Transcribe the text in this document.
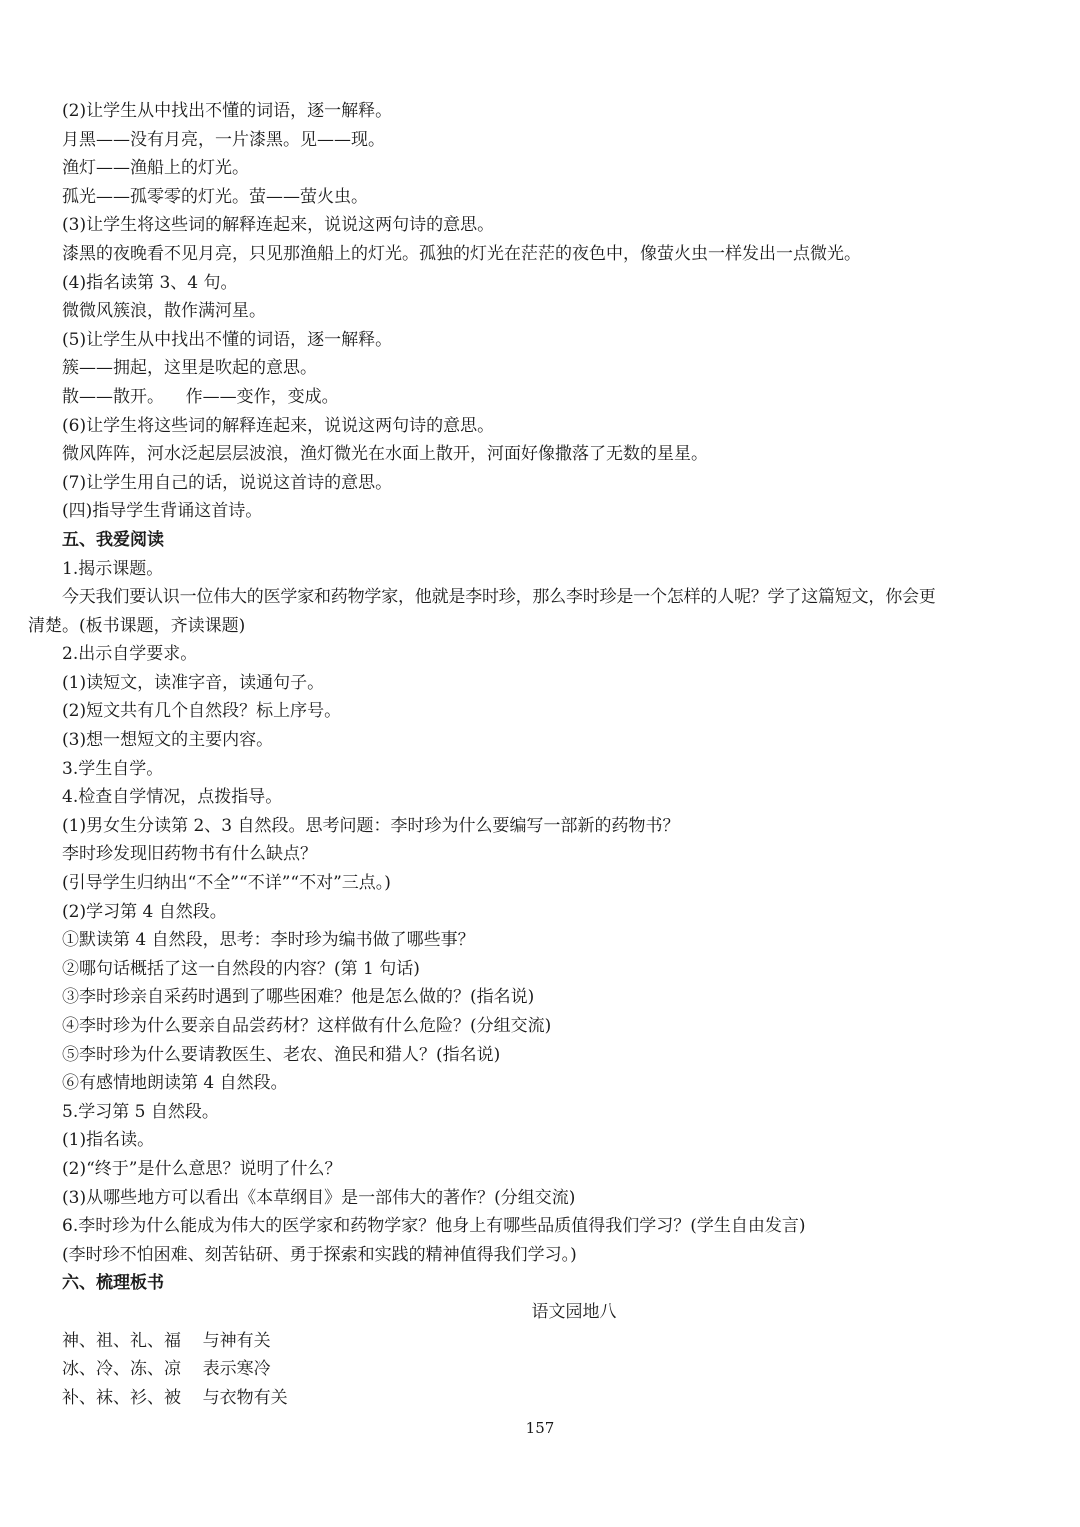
(2)让学生从中找出不懂的词语，逐一解释。
月黑——没有月亮，一片漆黑。见——现。
渔灯——渔船上的灯光。
孤光——孤零零的灯光。萤——萤火虫。
(3)让学生将这些词的解释连起来，说说这两句诗的意思。
漆黑的夜晚看不见月亮，只见那渔船上的灯光。孤独的灯光在茫茫的夜色中，像萤火虫一样发出一点微光。
(4)指名读第 3、4 句。
微微风簇浪，散作满河星。
(5)让学生从中找出不懂的词语，逐一解释。
簇——拥起，这里是吹起的意思。
散——散开。    作——变作，变成。
(6)让学生将这些词的解释连起来，说说这两句诗的意思。
微风阵阵，河水泛起层层波浪，渔灯微光在水面上散开，河面好像撒落了无数的星星。
(7)让学生用自己的话，说说这首诗的意思。
(四)指导学生背诵这首诗。
五、我爱阅读
1.揭示课题。
今天我们要认识一位伟大的医学家和药物学家，他就是李时珍，那么李时珍是一个怎样的人呢？学了这篇短文，你会更
清楚。(板书课题，齐读课题)
2.出示自学要求。
(1)读短文，读准字音，读通句子。
(2)短文共有几个自然段？标上序号。
(3)想一想短文的主要内容。
3.学生自学。
4.检查自学情况，点拨指导。
(1)男女生分读第 2、3 自然段。思考问题：李时珍为什么要编写一部新的药物书？
李时珍发现旧药物书有什么缺点？
(引导学生归纳出“不全”“不详”“不对”三点。)
(2)学习第 4 自然段。
①默读第 4 自然段，思考：李时珍为编书做了哪些事？
②哪句话概括了这一自然段的内容？(第 1 句话)
③李时珍亲自采药时遇到了哪些困难？他是怎么做的？(指名说)
④李时珍为什么要亲自品尝药材？这样做有什么危险？(分组交流)
⑤李时珍为什么要请教医生、老农、渔民和猎人？(指名说)
⑥有感情地朗读第 4 自然段。
5.学习第 5 自然段。
(1)指名读。
(2)“终于”是什么意思？说明了什么？
(3)从哪些地方可以看出《本草纲目》是一部伟大的著作？(分组交流)
6.李时珍为什么能成为伟大的医学家和药物学家？他身上有哪些品质值得我们学习？(学生自由发言)
(李时珍不怕困难、刻苦钻研、勇于探索和实践的精神值得我们学习。)
六、梳理板书
语文园地八
神、祖、礼、福    与神有关
冰、冷、冻、凉    表示寒冷
补、袜、衫、被    与衣物有关
157
